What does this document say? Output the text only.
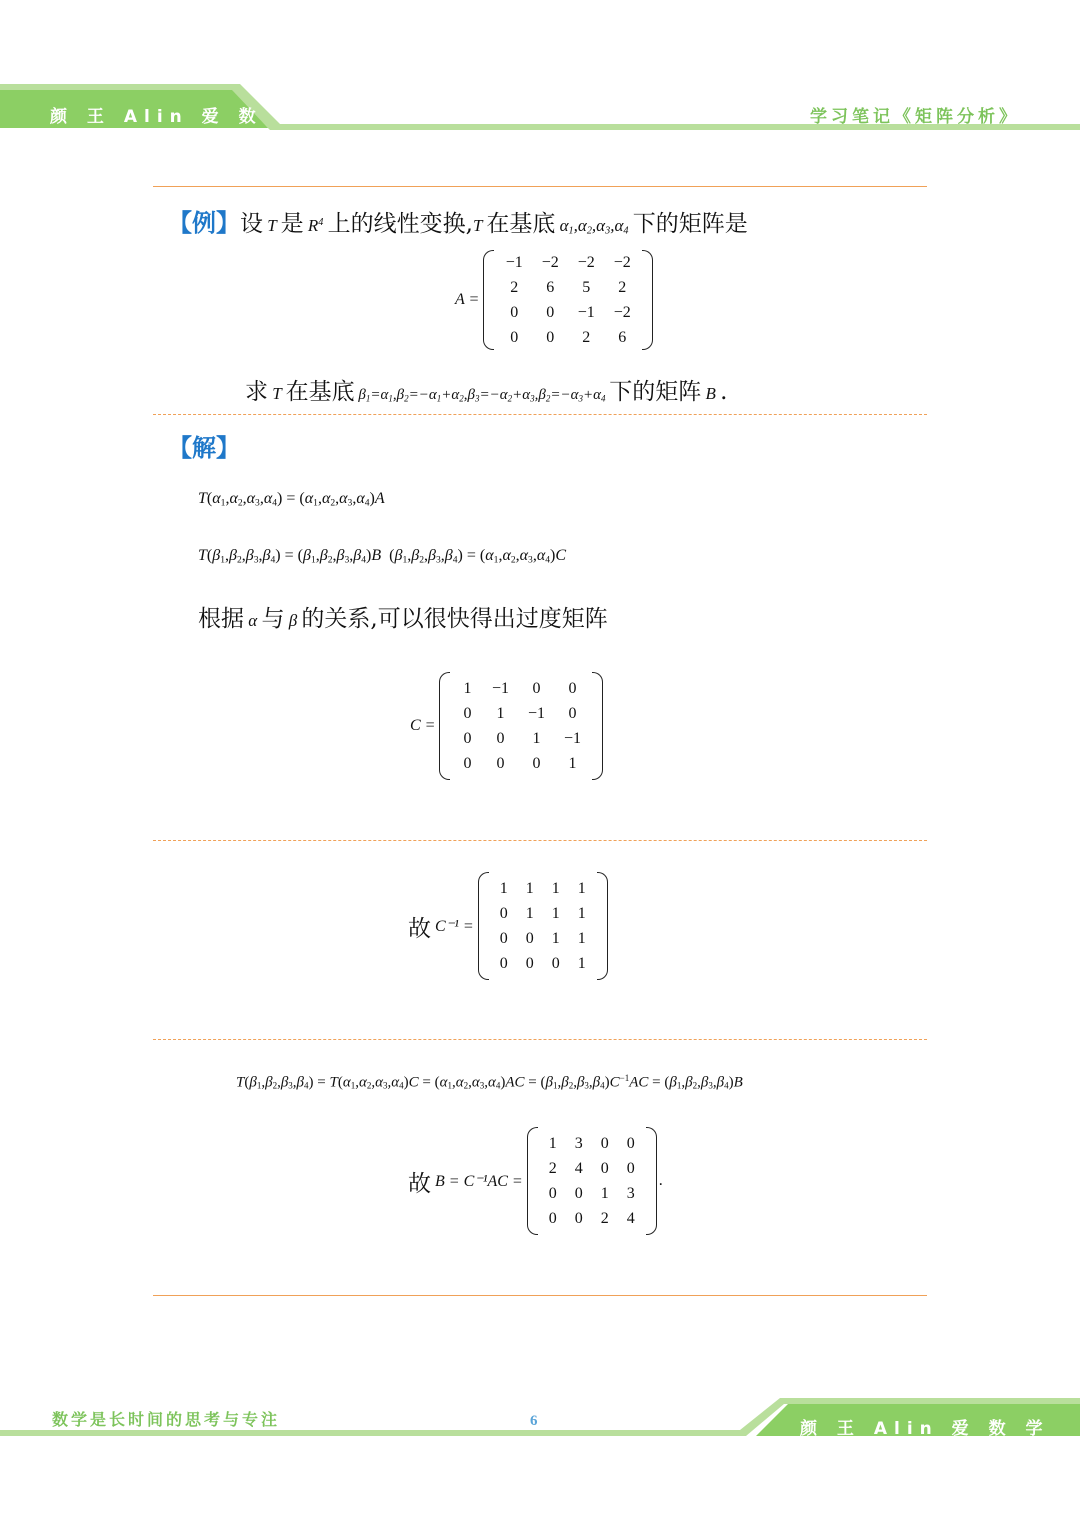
颜 王 Alin 爱 数 学	学习笔记《矩阵分析》
【例】设 T 是 $R^4$ 上的线性变换,T 在基底 $\alpha_1,\alpha_2,\alpha_3,\alpha_4$ 下的矩阵是
A =
−1 −2 −2 −2
2 6 5 2
0 0 −1 −2
0 0 2 6
求 T 在基底 $\beta_1=\alpha_1,\beta_2=-\alpha_1+\alpha_2,\beta_3=-\alpha_2+\alpha_3,\beta_2=-\alpha_3+\alpha_4$ 下的矩阵 B .
【解】
$T(\alpha_1,\alpha_2,\alpha_3,\alpha_4) = (\alpha_1,\alpha_2,\alpha_3,\alpha_4)A$
$T(\beta_1,\beta_2,\beta_3,\beta_4) = (\beta_1,\beta_2,\beta_3,\beta_4)B$  $(\beta_1,\beta_2,\beta_3,\beta_4) = (\alpha_1,\alpha_2,\alpha_3,\alpha_4)C$
根据 α 与 β 的关系,可以很快得出过度矩阵
C =
1 −1 0 0
0 1 −1 0
0 0 1 −1
0 0 0 1
故 C⁻¹ =
1 1 1 1
0 1 1 1
0 0 1 1
0 0 0 1
$T(\beta_1,\beta_2,\beta_3,\beta_4) = T(\alpha_1,\alpha_2,\alpha_3,\alpha_4)C = (\alpha_1,\alpha_2,\alpha_3,\alpha_4)AC = (\beta_1,\beta_2,\beta_3,\beta_4)C^{-1}AC = (\beta_1,\beta_2,\beta_3,\beta_4)B$
故 B = C⁻¹AC =
1 3 0 0
2 4 0 0
0 0 1 3
0 0 2 4
.
数学是长时间的思考与专注	6	颜 王 Alin 爱 数 学
